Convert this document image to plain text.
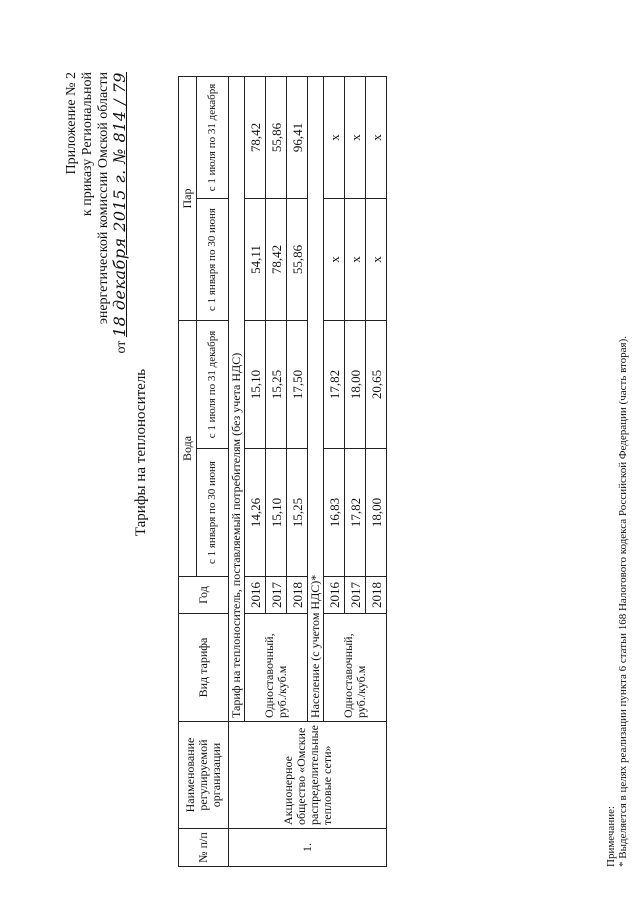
Приложение № 2 к приказу Региональной энергетической комиссии Омской области
от 18 декабря 2015 г. № 814 / 79
Тарифы на теплоноситель
№ п/п	Наименование регулируемой организации	Вид тарифа	Год	Вода		Пар	
				с 1 января по 30 июня	с 1 июля по 31 декабря	с 1 января по 30 июня	с 1 июля по 31 декабря
1.	Акционерное общество «Омские распределительные тепловые сети»	Тариф на теплоноситель, поставляемый потребителям (без учета НДС)					
		Одноставочный, руб./куб.м	2016	14,26	15,10	54,11	78,42
			2017	15,10	15,25	78,42	55,86
			2018	15,25	17,50	55,86	96,41
		Население (с учетом НДС)*					
		Одноставочный, руб./куб.м	2016	16,83	17,82	х	х
			2017	17,82	18,00	х	х
			2018	18,00	20,65	х	х
Примечание: * Выделяется в целях реализации пункта 6 статьи 168 Налогового кодекса Российской Федерации (часть вторая).
